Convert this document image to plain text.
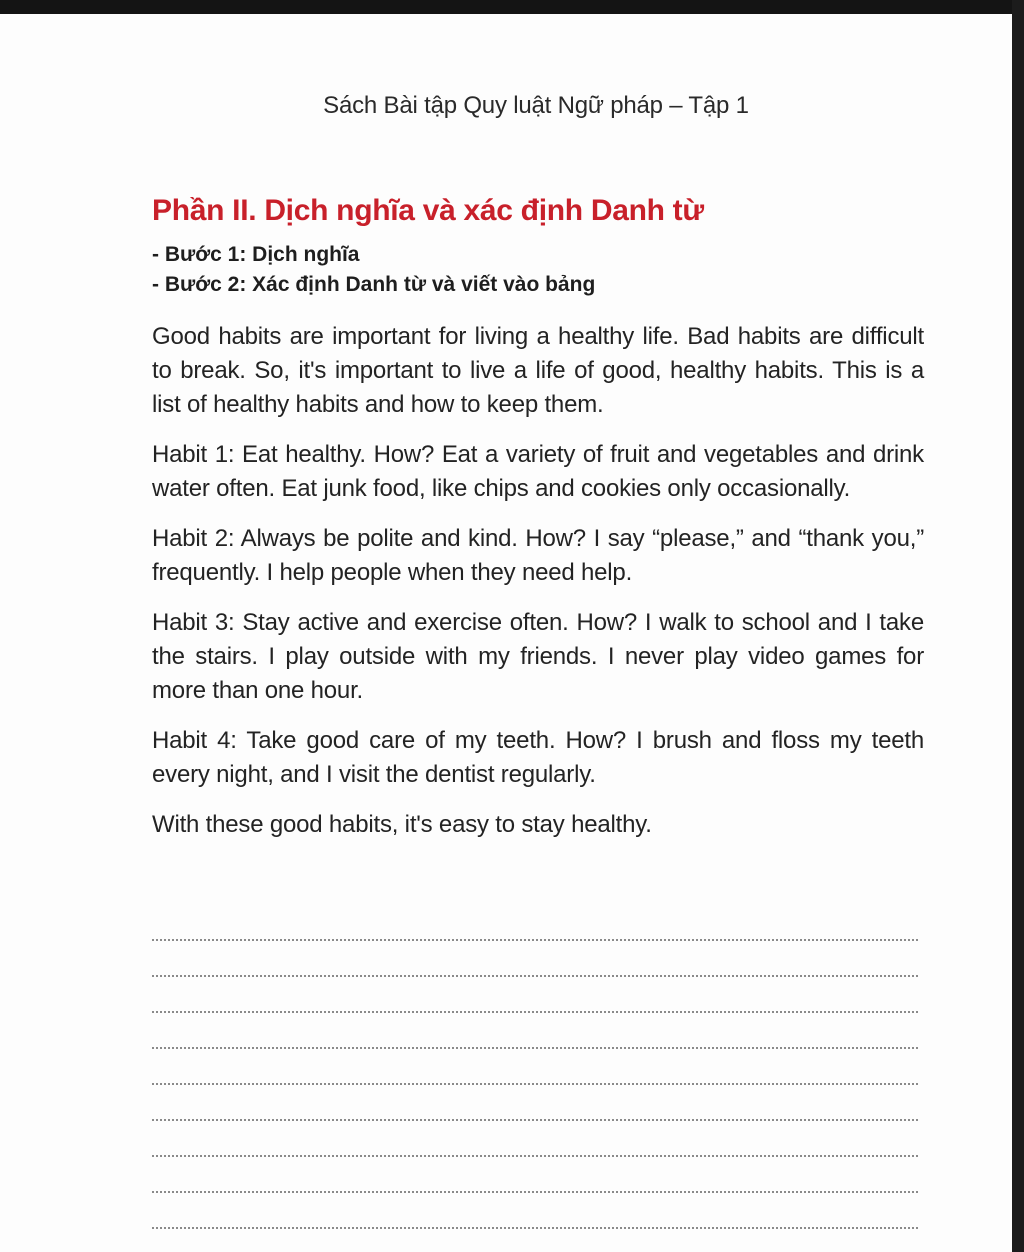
Sách Bài tập Quy luật Ngữ pháp – Tập 1
Phần II. Dịch nghĩa và xác định Danh từ
- Bước 1: Dịch nghĩa
- Bước 2: Xác định Danh từ và viết vào bảng

Good habits are important for living a healthy life. Bad habits are difficult to break. So, it's important to live a life of good, healthy habits. This is a list of healthy habits and how to keep them.

Habit 1: Eat healthy. How? Eat a variety of fruit and vegetables and drink water often. Eat junk food, like chips and cookies only occasionally.

Habit 2: Always be polite and kind. How? I say “please,” and “thank you,” frequently. I help people when they need help.

Habit 3: Stay active and exercise often. How? I walk to school and I take the stairs. I play outside with my friends. I never play video games for more than one hour.

Habit 4: Take good care of my teeth. How? I brush and floss my teeth every night, and I visit the dentist regularly.

With these good habits, it's easy to stay healthy.
